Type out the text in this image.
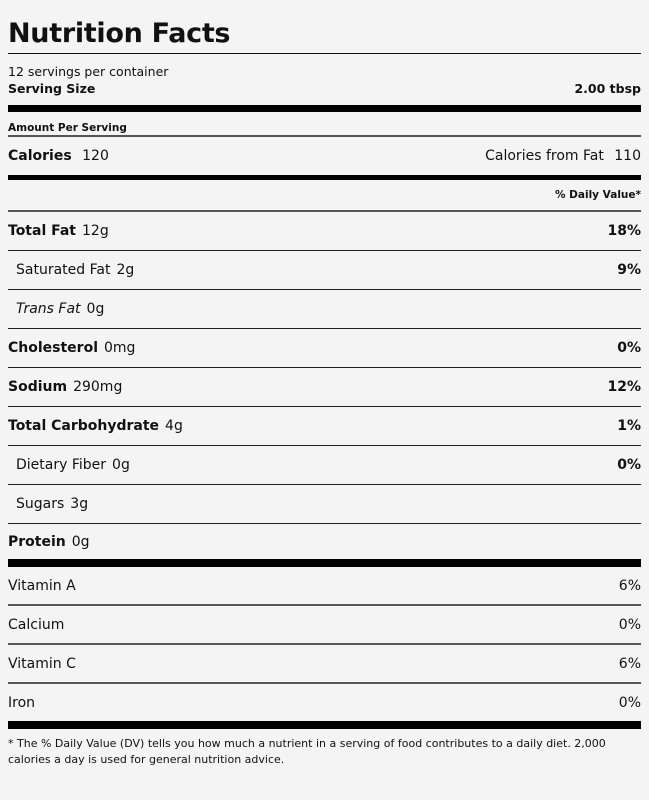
Nutrition Facts
12 servings per container
Serving Size	2.00 tbsp
Amount Per Serving
Calories 120	Calories from Fat 110
% Daily Value*
Total Fat 12g	18%
Saturated Fat 2g	9%
Trans Fat 0g
Cholesterol 0mg	0%
Sodium 290mg	12%
Total Carbohydrate 4g	1%
Dietary Fiber 0g	0%
Sugars 3g
Protein 0g
Vitamin A	6%
Calcium	0%
Vitamin C	6%
Iron	0%
* The % Daily Value (DV) tells you how much a nutrient in a serving of food contributes to a daily diet. 2,000 calories a day is used for general nutrition advice.
